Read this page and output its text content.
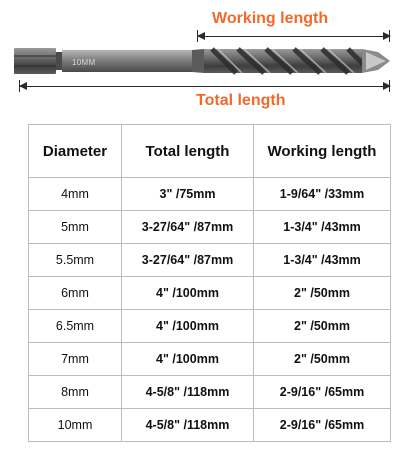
Working length
10MM
Total length
Diameter	Total length	Working length
4mm	3" /75mm	1-9/64" /33mm
5mm	3-27/64" /87mm	1-3/4" /43mm
5.5mm	3-27/64" /87mm	1-3/4" /43mm
6mm	4" /100mm	2" /50mm
6.5mm	4" /100mm	2" /50mm
7mm	4" /100mm	2" /50mm
8mm	4-5/8" /118mm	2-9/16" /65mm
10mm	4-5/8" /118mm	2-9/16" /65mm
